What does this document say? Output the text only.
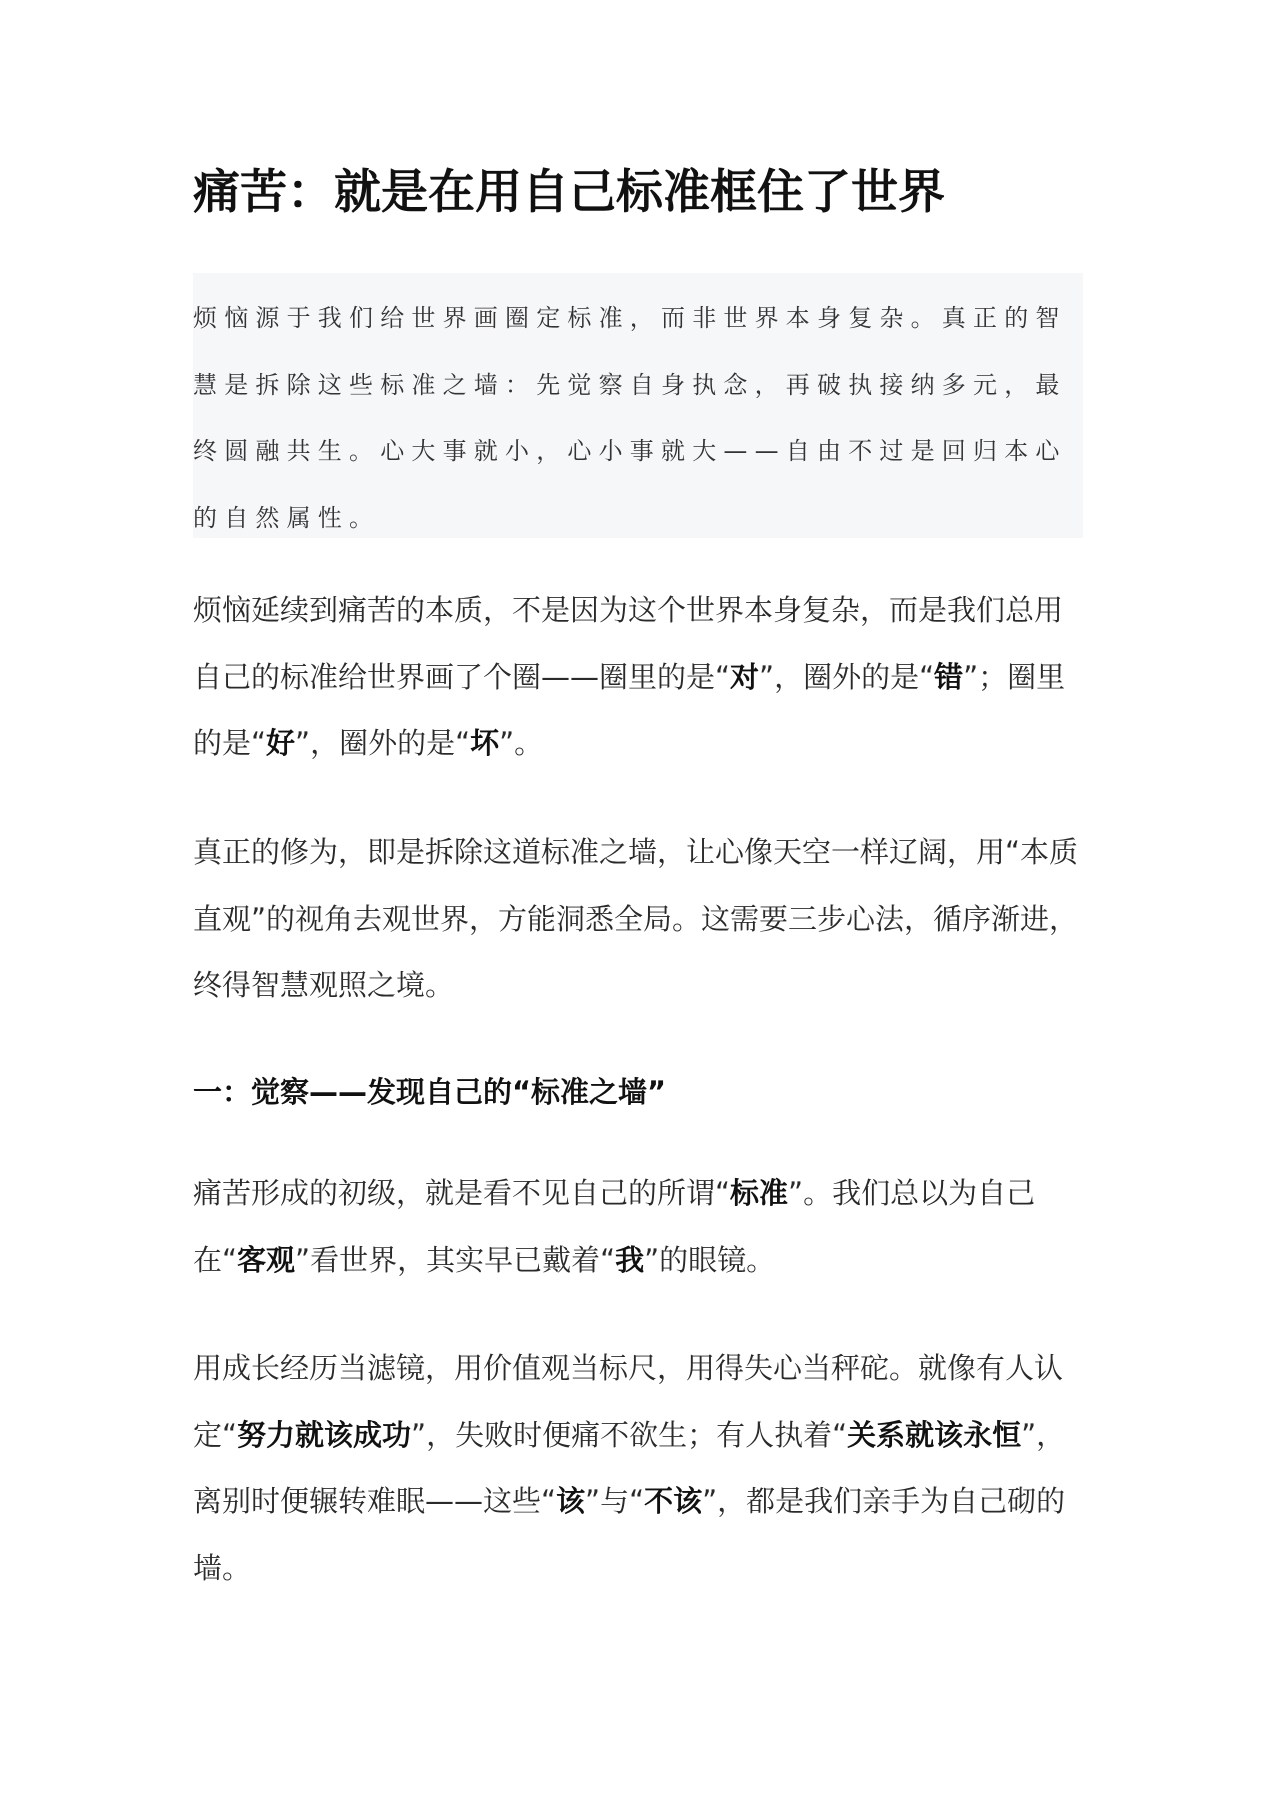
痛苦：就是在用自己标准框住了世界

烦恼源于我们给世界画圈定标准，而非世界本身复杂。真正的智慧是拆除这些标准之墙：先觉察自身执念，再破执接纳多元，最终圆融共生。心大事就小，心小事就大——自由不过是回归本心的自然属性。

烦恼延续到痛苦的本质，不是因为这个世界本身复杂，而是我们总用自己的标准给世界画了个圈——圈里的是“对”，圈外的是“错”；圈里的是“好”，圈外的是“坏”。

真正的修为，即是拆除这道标准之墙，让心像天空一样辽阔，用“本质直观”的视角去观世界，方能洞悉全局。这需要三步心法，循序渐进，终得智慧观照之境。

一：觉察——发现自己的“标准之墙”

痛苦形成的初级，就是看不见自己的所谓“标准”。我们总以为自己在“客观”看世界，其实早已戴着“我”的眼镜。

用成长经历当滤镜，用价值观当标尺，用得失心当秤砣。就像有人认定“努力就该成功”，失败时便痛不欲生；有人执着“关系就该永恒”，离别时便辗转难眠——这些“该”与“不该”，都是我们亲手为自己砌的墙。
